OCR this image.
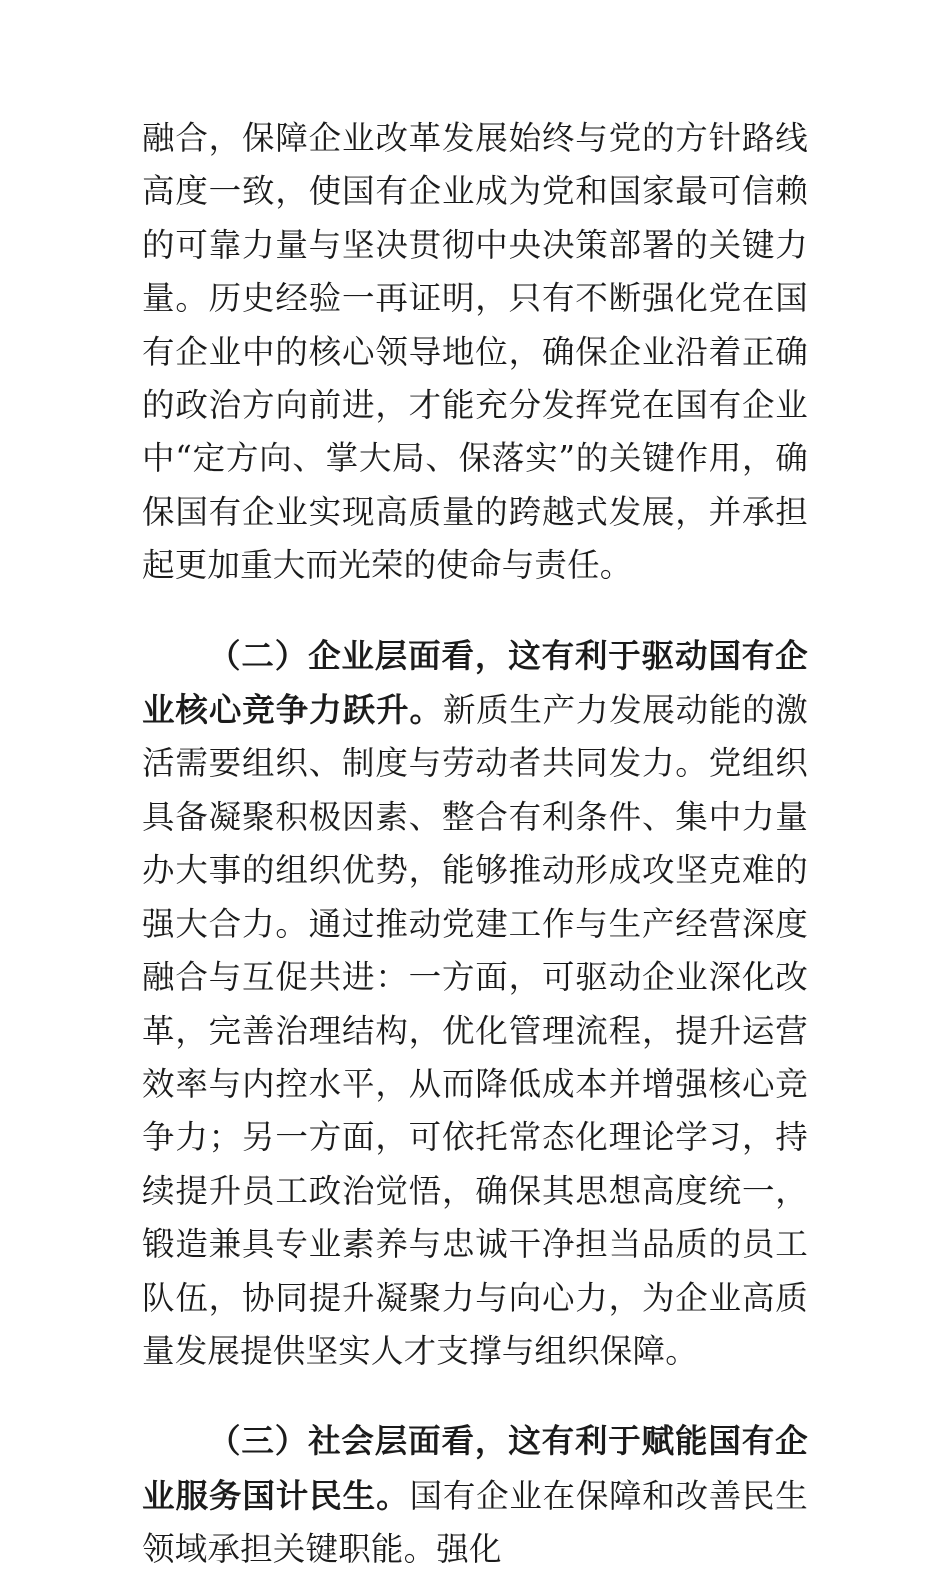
融合，保障企业改革发展始终与党的方针路线高度一致，使国有企业成为党和国家最可信赖的可靠力量与坚决贯彻中央决策部署的关键力量。历史经验一再证明，只有不断强化党在国有企业中的核心领导地位，确保企业沿着正确的政治方向前进，才能充分发挥党在国有企业中“定方向、掌大局、保落实”的关键作用，确保国有企业实现高质量的跨越式发展，并承担起更加重大而光荣的使命与责任。

（二）企业层面看，这有利于驱动国有企业核心竞争力跃升。新质生产力发展动能的激活需要组织、制度与劳动者共同发力。党组织具备凝聚积极因素、整合有利条件、集中力量办大事的组织优势，能够推动形成攻坚克难的强大合力。通过推动党建工作与生产经营深度融合与互促共进：一方面，可驱动企业深化改革，完善治理结构，优化管理流程，提升运营效率与内控水平，从而降低成本并增强核心竞争力；另一方面，可依托常态化理论学习，持续提升员工政治觉悟，确保其思想高度统一，锻造兼具专业素养与忠诚干净担当品质的员工队伍，协同提升凝聚力与向心力，为企业高质量发展提供坚实人才支撑与组织保障。

（三）社会层面看，这有利于赋能国有企业服务国计民生。国有企业在保障和改善民生领域承担关键职能。强化
